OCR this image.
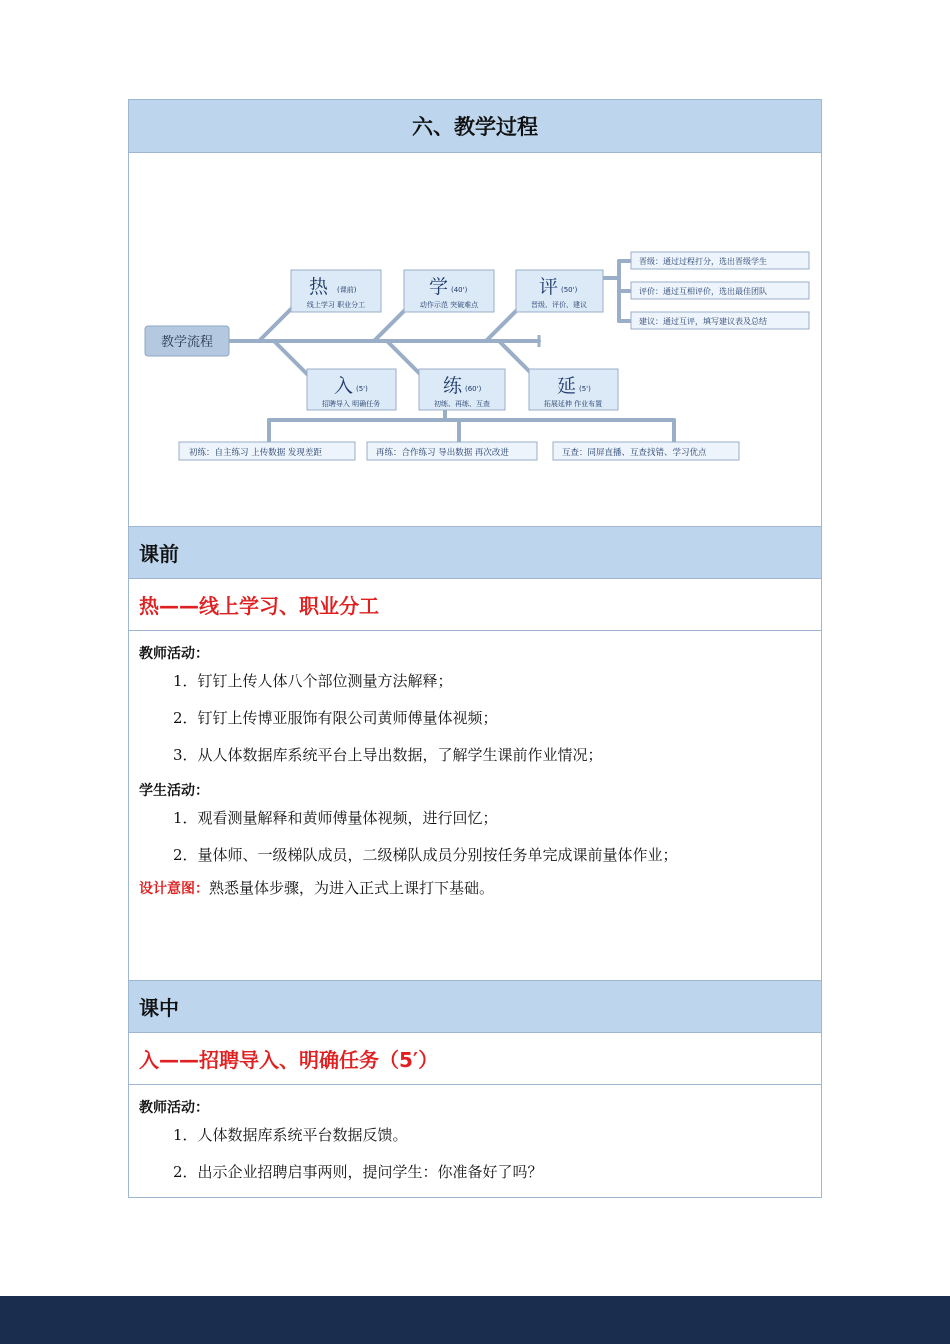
六、教学过程
教学流程
热 (课前)
线上学习 职业分工
学 (40')
动作示范 突破难点
评 (50')
晋级、评价、建议
入 (5')
招聘导入 明确任务
练 (60')
初练、再练、互查
延 (5')
拓展延伸 作业布置
晋级：通过过程打分，选出晋级学生
评价：通过互相评价，选出最佳团队
建议：通过互评，填写建议表及总结
初练：自主练习 上传数据 发现差距	再练：合作练习 导出数据 再次改进	互查：同屏直播、互查找错、学习优点
课前
热——线上学习、职业分工
教师活动：
1．钉钉上传人体八个部位测量方法解释；
2．钉钉上传博亚服饰有限公司黄师傅量体视频；
3．从人体数据库系统平台上导出数据，了解学生课前作业情况；
学生活动：
1．观看测量解释和黄师傅量体视频，进行回忆；
2．量体师、一级梯队成员，二级梯队成员分别按任务单完成课前量体作业；
设计意图：熟悉量体步骤，为进入正式上课打下基础。
课中
入——招聘导入、明确任务（5′）
教师活动：
1．人体数据库系统平台数据反馈。
2．出示企业招聘启事两则，提问学生：你准备好了吗？
